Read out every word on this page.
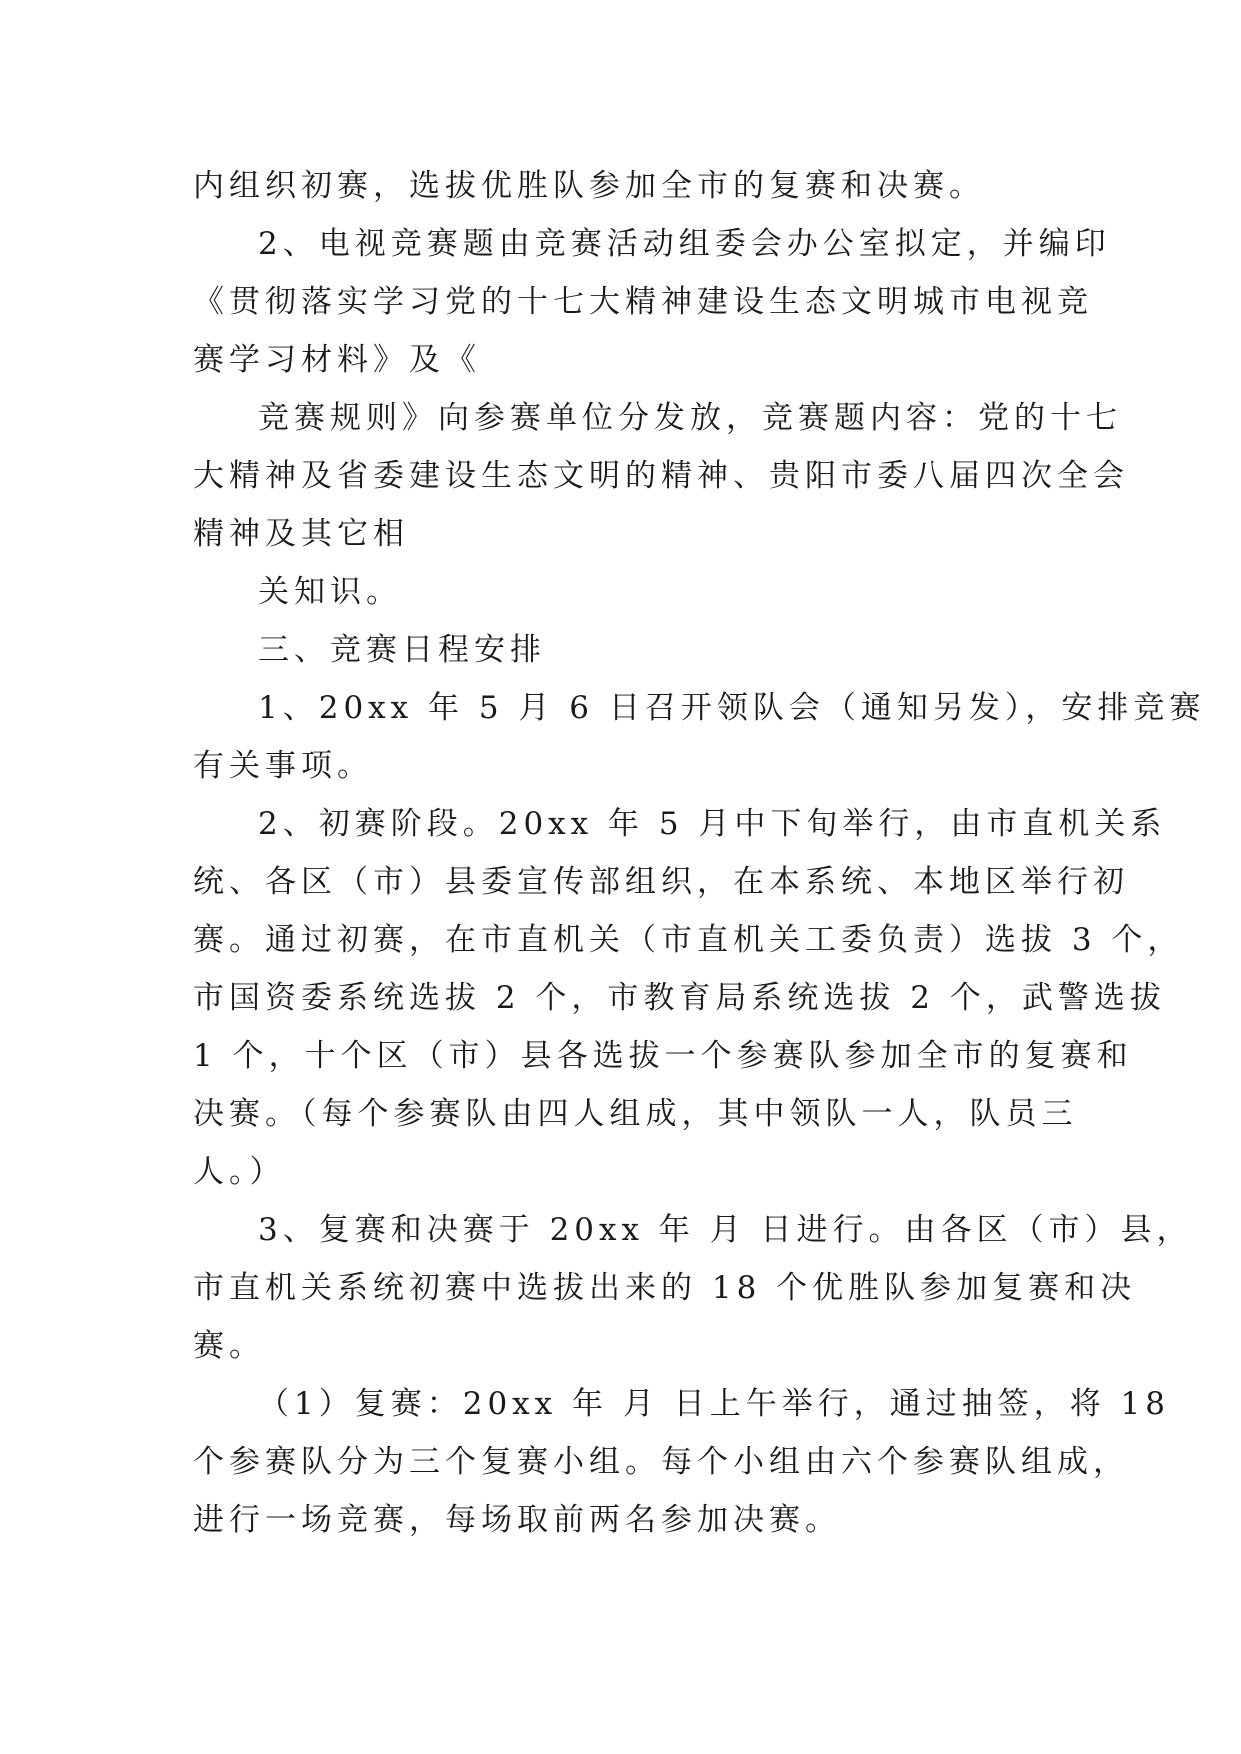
内组织初赛，选拔优胜队参加全市的复赛和决赛。
2、电视竞赛题由竞赛活动组委会办公室拟定，并编印
《贯彻落实学习党的十七大精神建设生态文明城市电视竞
赛学习材料》及《
竞赛规则》向参赛单位分发放，竞赛题内容：党的十七
大精神及省委建设生态文明的精神、贵阳市委八届四次全会
精神及其它相
关知识。
三、竞赛日程安排
1、20xx 年 5 月 6 日召开领队会（通知另发），安排竞赛
有关事项。
2、初赛阶段。20xx 年 5 月中下旬举行，由市直机关系
统、各区（市）县委宣传部组织，在本系统、本地区举行初
赛。通过初赛，在市直机关（市直机关工委负责）选拔 3 个，
市国资委系统选拔 2 个，市教育局系统选拔 2 个，武警选拔
1 个，十个区（市）县各选拔一个参赛队参加全市的复赛和
决赛。（每个参赛队由四人组成，其中领队一人，队员三
人。）
3、复赛和决赛于 20xx 年 月 日进行。由各区（市）县，
市直机关系统初赛中选拔出来的 18 个优胜队参加复赛和决
赛。
（1）复赛：20xx 年 月 日上午举行，通过抽签，将 18
个参赛队分为三个复赛小组。每个小组由六个参赛队组成，
进行一场竞赛，每场取前两名参加决赛。
